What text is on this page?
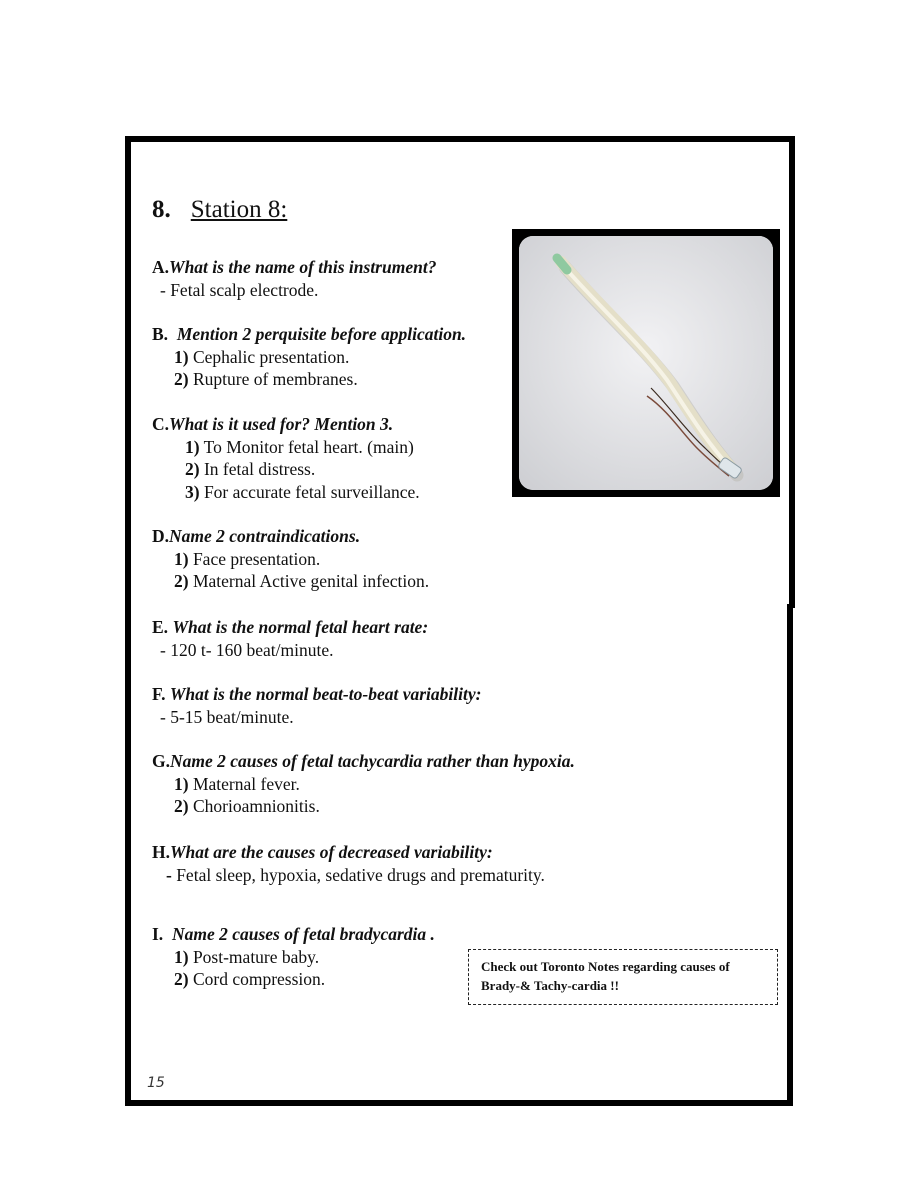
8. Station 8:
A.What is the name of this instrument?
- Fetal scalp electrode.
B. Mention 2 perquisite before application.
1) Cephalic presentation.
2) Rupture of membranes.
C.What is it used for? Mention 3.
1) To Monitor fetal heart. (main)
2) In fetal distress.
3) For accurate fetal surveillance.
D.Name 2 contraindications.
1) Face presentation.
2) Maternal Active genital infection.
E. What is the normal fetal heart rate:
- 120 t- 160 beat/minute.
F. What is the normal beat-to-beat variability:
- 5-15 beat/minute.
G.Name 2 causes of fetal tachycardia rather than hypoxia.
1) Maternal fever.
2) Chorioamnionitis.
H.What are the causes of decreased variability:
- Fetal sleep, hypoxia, sedative drugs and prematurity.
I. Name 2 causes of fetal bradycardia .
1) Post-mature baby.
2) Cord compression.
Check out Toronto Notes regarding causes of
Brady-& Tachy-cardia !!
15
